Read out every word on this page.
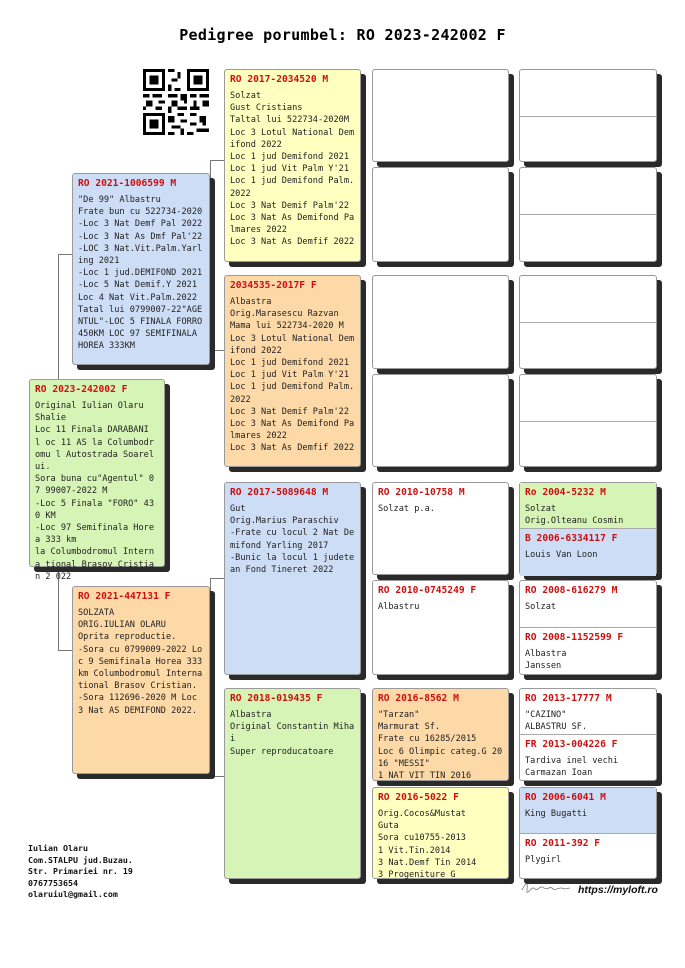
Pedigree porumbel: RO 2023-242002 F
RO 2023-242002 F
Original Iulian Olaru
Shalie
Loc 11 Finala DARABANI l oc 11 AS la Columbodromu l Autostrada Soarelui.
Sora buna cu"Agentul" 07 99007-2022 M
-Loc 5 Finala "FORO" 430 KM
-Loc 97 Semifinala Horea 333 km
la Columbodromul Interna tional Brasov Cristian 2 022
RO 2021-1006599 M
"De 99" Albastru
Frate bun cu 522734-2020
-Loc 3 Nat Demf Pal 2022
-Loc 3 Nat As Dmf Pal'22
-LOC 3 Nat.Vit.Palm.Yarl ing 2021
-Loc 1 jud.DEMIFOND 2021
-Loc 5 Nat Demif.Y 2021
Loc 4 Nat Vit.Palm.2022
Tatal lui 0799007-22"AGE NTUL"-LOC 5 FINALA FORRO 450KM LOC 97 SEMIFINALA HOREA 333KM
RO 2021-447131 F
SOLZATA
ORIG.IULIAN OLARU
Oprita reproductie.
-Sora cu 0799009-2022 Lo c 9 Semifinala Horea 333 km Columbodromul Interna tional Brasov Cristian.
-Sora 112696-2020 M Loc 3 Nat AS DEMIFOND 2022.
RO 2017-2034520 M
Solzat
Gust Cristians
Taltal lui 522734-2020M
Loc 3 Lotul National Dem ifond 2022
Loc 1 jud Demifond 2021
Loc 1 jud Vit Palm Y'21
Loc 1 jud Demifond Palm. 2022
Loc 3 Nat Demif Palm'22
Loc 3 Nat As Demifond Pa lmares 2022
Loc 3 Nat As Demfif 2022
2034535-2017F F
Albastra
Orig.Marasescu Razvan
Mama lui 522734-2020 M
Loc 3 Lotul National Dem ifond 2022
Loc 1 jud Demifond 2021
Loc 1 jud Vit Palm Y'21
Loc 1 jud Demifond Palm. 2022
Loc 3 Nat Demif Palm'22
Loc 3 Nat As Demifond Pa lmares 2022
Loc 3 Nat As Demfif 2022
RO 2017-5089648 M
Gut
Orig.Marius Paraschiv
-Frate cu locul 2 Nat De mifond Yarling 2017
-Bunic la locul 1 judete an Fond Tineret 2022
RO 2018-019435 F
Albastra
Original Constantin Miha i
Super reproducatoare
RO 2010-10758 M
Solzat p.a.
RO 2010-0745249 F
Albastru
RO 2016-8562 M
"Tarzan"
Marmurat Sf.
Frate cu 16285/2015
Loc 6 Olimpic categ.G 2016 "MESSI"
1 NAT VIT TIN 2016
RO 2016-5022 F
Orig.Cocos&Mustat
Guta
Sora cu10755-2013
1 Vit.Tin.2014
3 Nat.Demf Tin 2014
3 Progeniture G
Ro 2004-5232 M
Solzat
Orig.Olteanu Cosmin
B 2006-6334117 F
Louis Van Loon
RO 2008-616279 M
Solzat
RO 2008-1152599 F
Albastra
Janssen
RO 2013-17777 M
"CAZINO"
ALBASTRU SF.
FR 2013-004226 F
Tardiva inel vechi
Carmazan Ioan
RO 2006-6041 M
King Bugatti
RO 2011-392 F
Plygirl
Iulian Olaru
Com.STALPU jud.Buzau.
Str. Primariei nr. 19
0767753654
olaruiul@gmail.com	https://myloft.ro
